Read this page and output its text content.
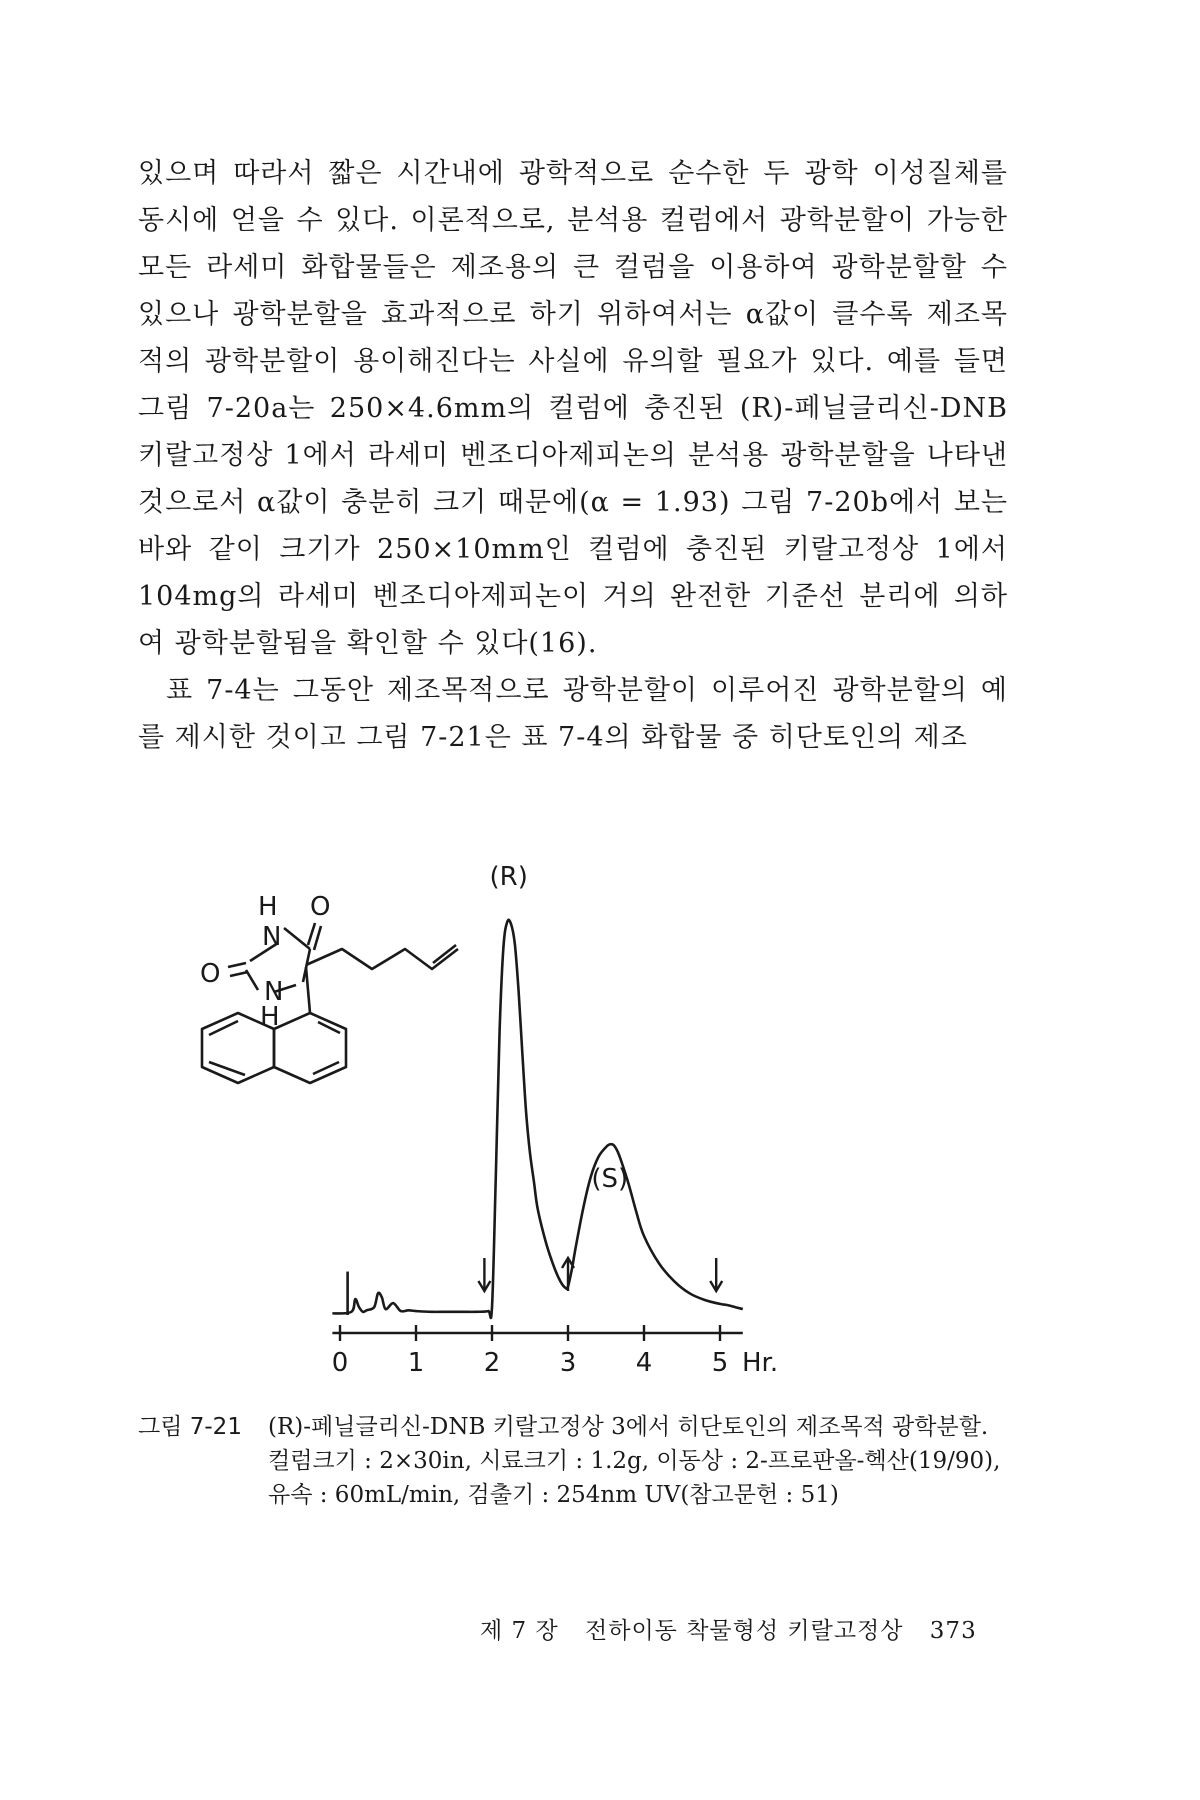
있으며 따라서 짧은 시간내에 광학적으로 순수한 두 광학 이성질체를 동시에 얻을 수 있다. 이론적으로, 분석용 컬럼에서 광학분할이 가능한 모든 라세미 화합물들은 제조용의 큰 컬럼을 이용하여 광학분할할 수 있으나 광학분할을 효과적으로 하기 위하여서는 α값이 클수록 제조목적의 광학분할이 용이해진다는 사실에 유의할 필요가 있다. 예를 들면 그림 7-20a는 250×4.6mm의 컬럼에 충진된 (R)-페닐글리신-DNB 키랄고정상 1에서 라세미 벤조디아제피논의 분석용 광학분할을 나타낸 것으로서 α값이 충분히 크기 때문에(α = 1.93) 그림 7-20b에서 보는 바와 같이 크기가 250×10mm인 컬럼에 충진된 키랄고정상 1에서 104mg의 라세미 벤조디아제피논이 거의 완전한 기준선 분리에 의하여 광학분할됨을 확인할 수 있다(16).

표 7-4는 그동안 제조목적으로 광학분할이 이루어진 광학분할의 예를 제시한 것이고 그림 7-21은 표 7-4의 화합물 중 히단토인의 제조

H
N
O
O
N
H
0 1 2 3 4 5 Hr.
(R)
(S)
그림 7-21 (R)-페닐글리신-DNB 키랄고정상 3에서 히단토인의 제조목적 광학분할. 컬럼크기 : 2×30in, 시료크기 : 1.2g, 이동상 : 2-프로판올-헥산(19/90), 유속 : 60mL/min, 검출기 : 254nm UV(참고문헌 : 51)

제 7 장 전하이동 착물형성 키랄고정상 373
